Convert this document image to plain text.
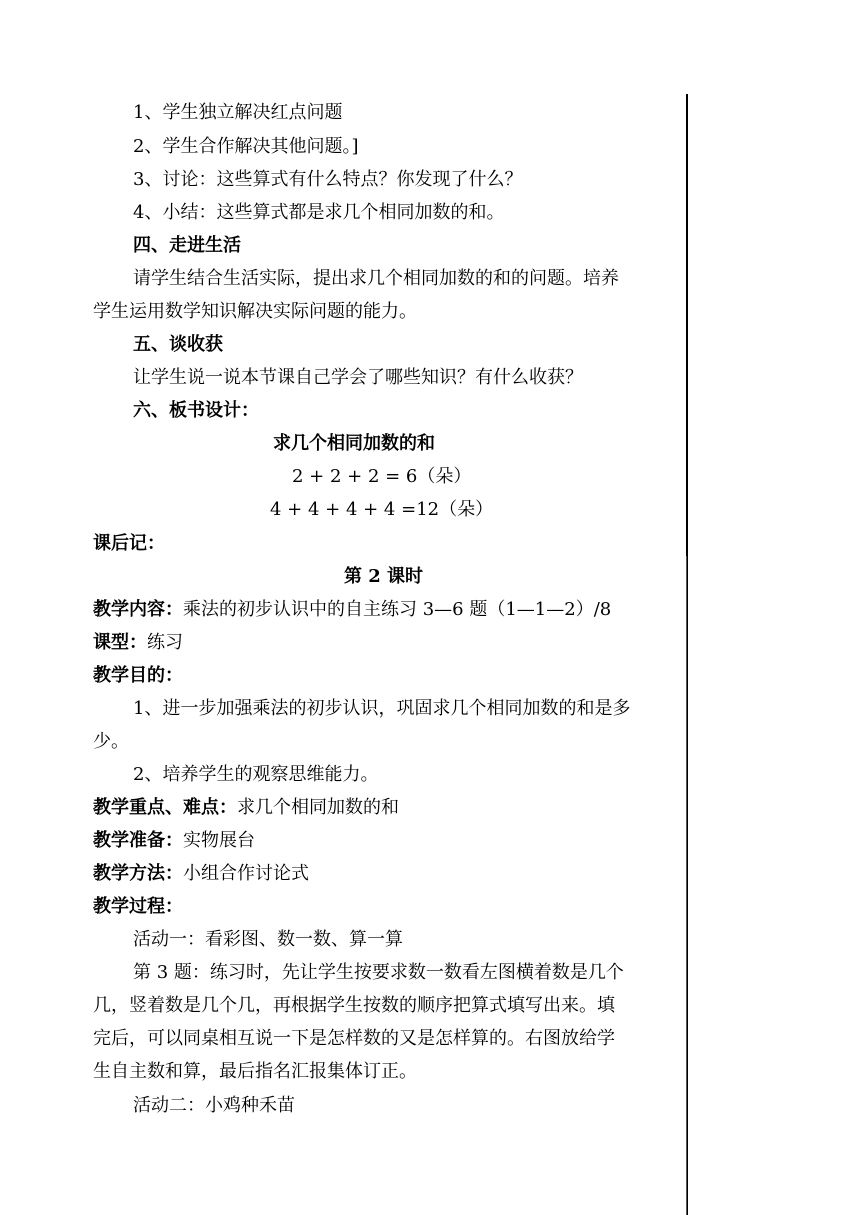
1、学生独立解决红点问题
2、学生合作解决其他问题。]
3、讨论：这些算式有什么特点？你发现了什么？
4、小结：这些算式都是求几个相同加数的和。
四、走进生活
请学生结合生活实际，提出求几个相同加数的和的问题。培养
学生运用数学知识解决实际问题的能力。
五、谈收获
让学生说一说本节课自己学会了哪些知识？有什么收获？
六、板书设计：
求几个相同加数的和
2 + 2 + 2 = 6（朵）
4 + 4 + 4 + 4 =12（朵）
课后记：
第 2 课时
教学内容：乘法的初步认识中的自主练习 3—6 题（1—1—2）/8
课型：练习
教学目的：
1、进一步加强乘法的初步认识，巩固求几个相同加数的和是多
少。
2、培养学生的观察思维能力。
教学重点、难点：求几个相同加数的和
教学准备：实物展台
教学方法：小组合作讨论式
教学过程：
活动一：看彩图、数一数、算一算
第 3 题：练习时，先让学生按要求数一数看左图横着数是几个
几，竖着数是几个几，再根据学生按数的顺序把算式填写出来。填
完后，可以同桌相互说一下是怎样数的又是怎样算的。右图放给学
生自主数和算，最后指名汇报集体订正。
活动二：小鸡种禾苗
